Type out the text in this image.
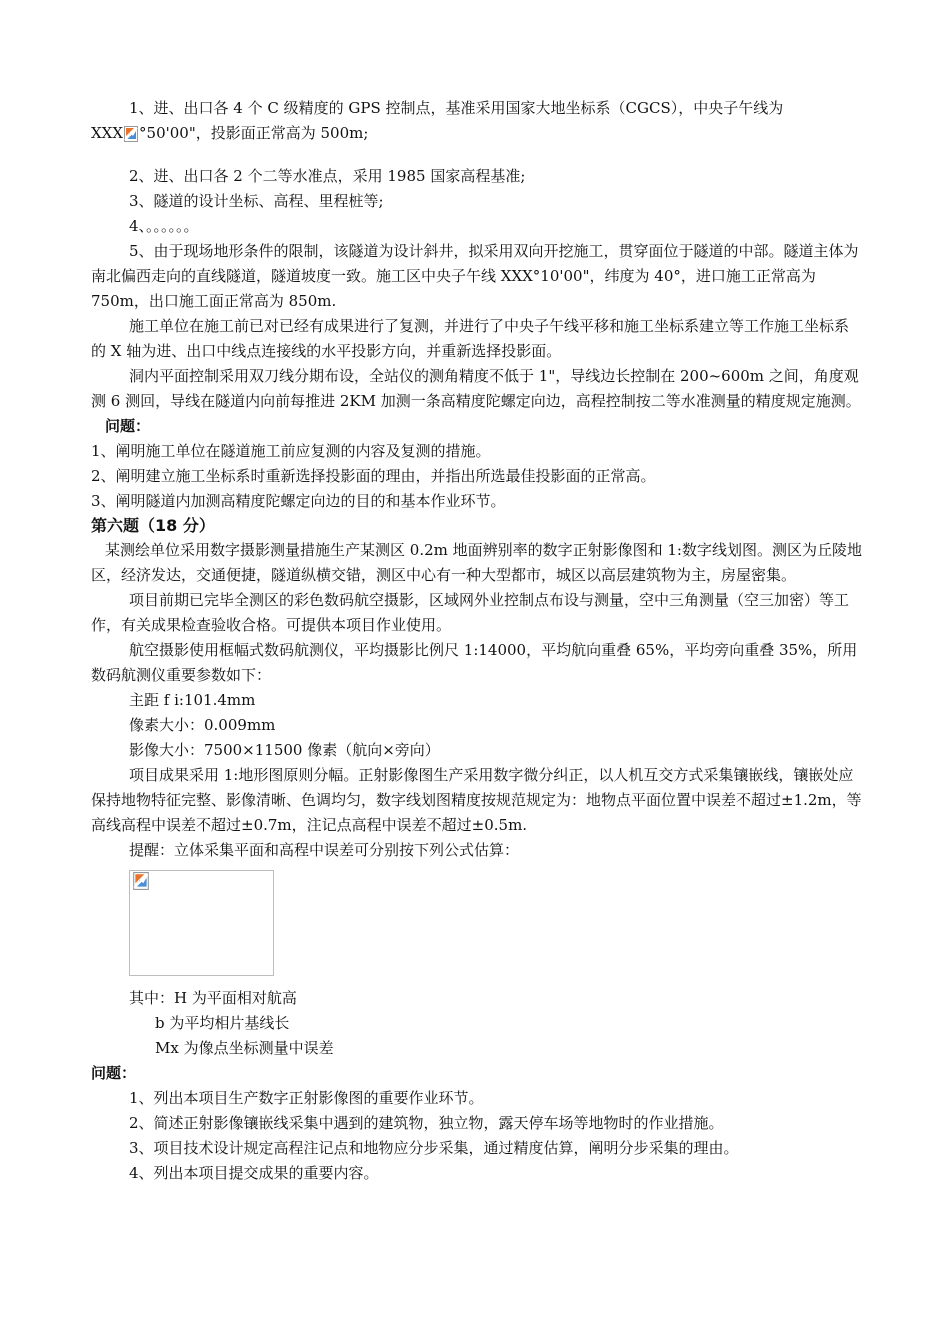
1、进、出口各 4 个 C 级精度的 GPS 控制点，基准采用国家大地坐标系（CGCS），中央子午线为

XXX °50'00"，投影面正常高为 500m;

2、进、出口各 2 个二等水准点，采用 1985 国家高程基准;

3、隧道的设计坐标、高程、里程桩等;

4、。。。。。。

5、由于现场地形条件的限制，该隧道为设计斜井，拟采用双向开挖施工，贯穿面位于隧道的中部。隧道主体为南北偏西走向的直线隧道，隧道坡度一致。施工区中央子午线 XXX°10'00"，纬度为 40°，进口施工正常高为 750m，出口施工面正常高为 850m.

施工单位在施工前已对已经有成果进行了复测，并进行了中央子午线平移和施工坐标系建立等工作施工坐标系的 X 轴为进、出口中线点连接线的水平投影方向，并重新选择投影面。

洞内平面控制采用双刀线分期布设，全站仪的测角精度不低于 1"，导线边长控制在 200~600m 之间，角度观测 6 测回，导线在隧道内向前每推进 2KM 加测一条高精度陀螺定向边，高程控制按二等水准测量的精度规定施测。

问题：

1、阐明施工单位在隧道施工前应复测的内容及复测的措施。

2、阐明建立施工坐标系时重新选择投影面的理由，并指出所选最佳投影面的正常高。

3、阐明隧道内加测高精度陀螺定向边的目的和基本作业环节。

第六题（18 分）

某测绘单位采用数字摄影测量措施生产某测区 0.2m 地面辨别率的数字正射影像图和 1:数字线划图。测区为丘陵地区，经济发达，交通便捷，隧道纵横交错，测区中心有一种大型都市，城区以高层建筑物为主，房屋密集。

项目前期已完毕全测区的彩色数码航空摄影，区域网外业控制点布设与测量，空中三角测量（空三加密）等工作，有关成果检查验收合格。可提供本项目作业使用。

航空摄影使用框幅式数码航测仪，平均摄影比例尺 1:14000，平均航向重叠 65%，平均旁向重叠 35%，所用数码航测仪重要参数如下：

主距 f i:101.4mm

像素大小：0.009mm

影像大小：7500×11500 像素（航向×旁向）

项目成果采用 1:地形图原则分幅。正射影像图生产采用数字微分纠正，以人机互交方式采集镶嵌线，镶嵌处应保持地物特征完整、影像清晰、色调均匀，数字线划图精度按规范规定为：地物点平面位置中误差不超过±1.2m，等高线高程中误差不超过±0.7m，注记点高程中误差不超过±0.5m.

提醒：立体采集平面和高程中误差可分别按下列公式估算：

其中：H 为平面相对航高

b 为平均相片基线长

Mx 为像点坐标测量中误差

问题：

1、列出本项目生产数字正射影像图的重要作业环节。

2、简述正射影像镶嵌线采集中遇到的建筑物，独立物，露天停车场等地物时的作业措施。

3、项目技术设计规定高程注记点和地物应分步采集，通过精度估算，阐明分步采集的理由。

4、列出本项目提交成果的重要内容。
